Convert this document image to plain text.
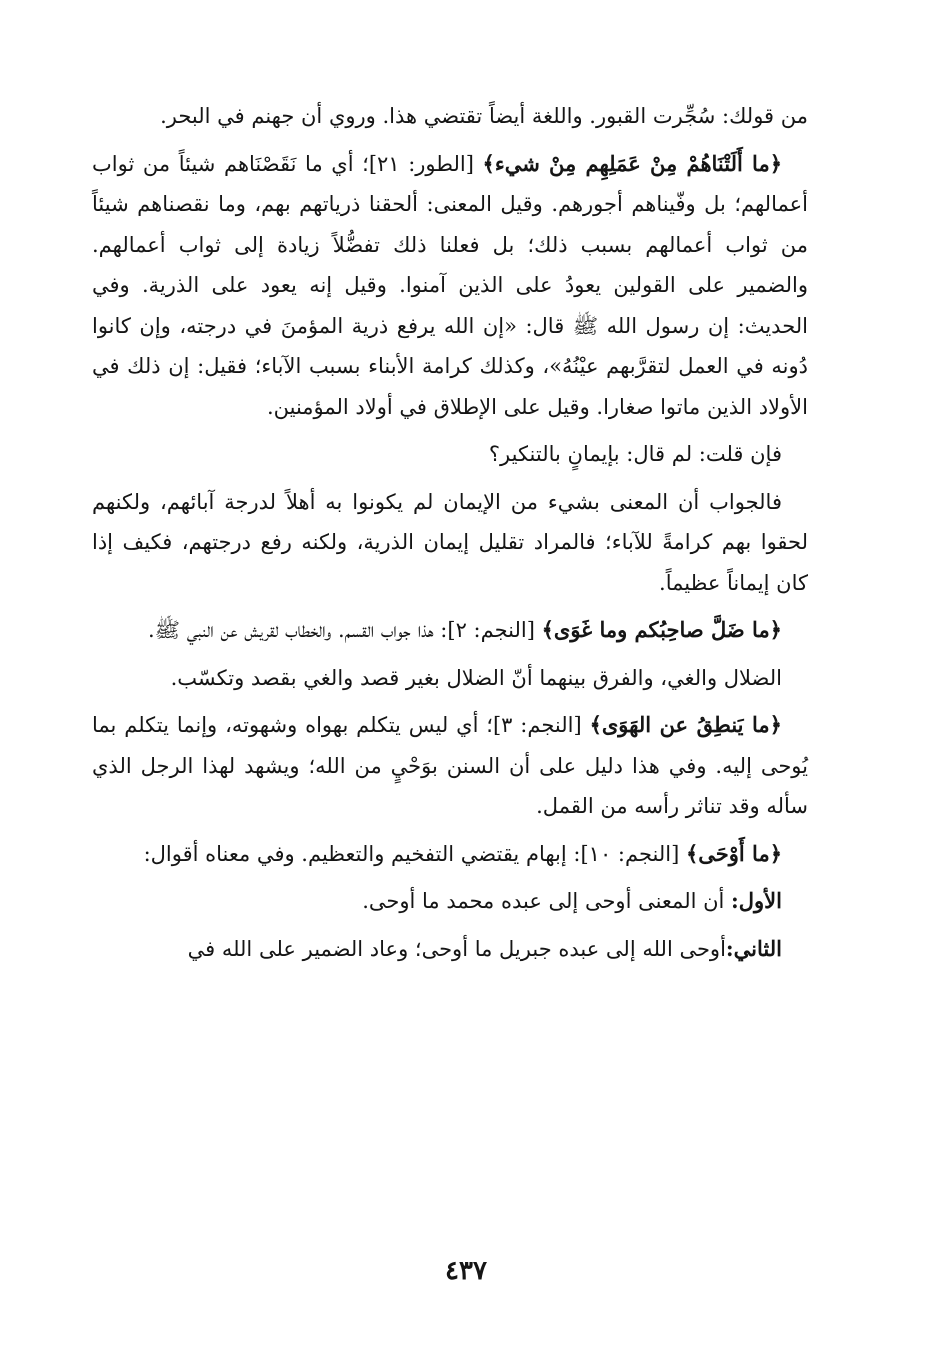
من قولك: سُجِّرت القبور. واللغة أيضاً تقتضي هذا. وروي أن جهنم في البحر.

﴿ما أَلَتْنَاهُمْ مِنْ عَمَلِهِم مِنْ شيء﴾ [الطور: ٢١]؛ أي ما نَقَصْنَاهم شيئاً من ثواب أعمالهم؛ بل وفّيناهم أجورهم. وقيل المعنى: ألحقنا ذرياتهم بهم، وما نقصناهم شيئاً من ثواب أعمالهم بسبب ذلك؛ بل فعلنا ذلك تفضُّلاً زيادة إلى ثواب أعمالهم. والضمير على القولين يعودُ على الذين آمنوا. وقيل إنه يعود على الذرية. وفي الحديث: إن رسول الله ﷺ قال: «إن الله يرفع ذرية المؤمنَ في درجته، وإن كانوا دُونه في العمل لتقرَّبهم عيْنُهُ»، وكذلك كرامة الأبناء بسبب الآباء؛ فقيل: إن ذلك في الأولاد الذين ماتوا صغارا. وقيل على الإطلاق في أولاد المؤمنين.

فإن قلت: لم قال: بإيمانٍ بالتنكير؟

فالجواب أن المعنى بشيء من الإيمان لم يكونوا به أهلاً لدرجة آبائهم، ولكنهم لحقوا بهم كرامةً للآباء؛ فالمراد تقليل إيمان الذرية، ولكنه رفع درجتهم، فكيف إذا كان إيماناً عظيماً.

﴿ما ضَلَّ صاحِبُكم وما غَوَى﴾ [النجم: ٢]: هذا جواب القسم. والخطاب لقريش عن النبي ﷺ.

الضلال والغي، والفرق بينهما أنّ الضلال بغير قصد والغي بقصد وتكسّب.

﴿ما يَنطِقُ عن الهَوَى﴾ [النجم: ٣]؛ أي ليس يتكلم بهواه وشهوته، وإنما يتكلم بما يُوحى إليه. وفي هذا دليل على أن السنن بوَحْيٍ من الله؛ ويشهد لهذا الرجل الذي سأله وقد تناثر رأسه من القمل.

﴿ما أَوْحَى﴾ [النجم: ١٠]: إبهام يقتضي التفخيم والتعظيم. وفي معناه أقوال:

الأول: أن المعنى أوحى إلى عبده محمد ما أوحى.

الثاني:أوحى الله إلى عبده جبريل ما أوحى؛ وعاد الضمير على الله في

٤٣٧
